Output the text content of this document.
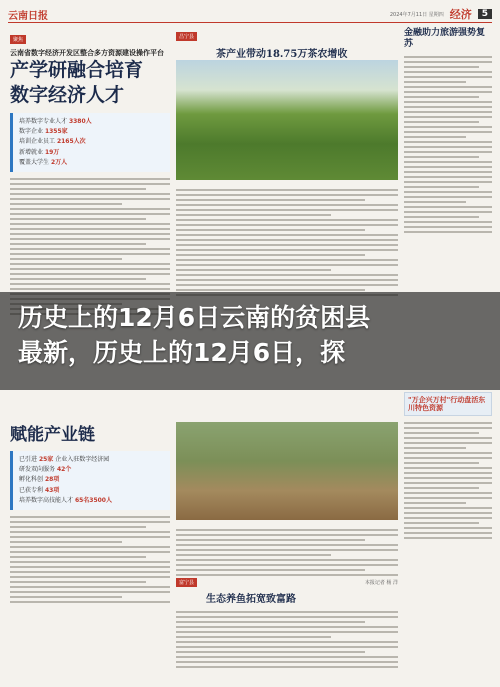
云南日报	2024年7月11日 星期四 经济	5
聚焦
云南省数字经济开发区整合多方资源建设操作平台
产学研融合培育
数字经济人才
培养数字专业人才 3380人
数字企业 1355家
培训企业员工 2165人次
新增就业 19万
覆盖大学生 2万人
赋能产业链
已引进 25家 企业入驻数字经济园
研发双向服务 42个
孵化科创 28项
已获专利 43项
培养数字高技能人才 65名3500人
昌宁县
茶产业带动18.75万茶农增收
本报记者 杨 洋
富宁县
生态养鱼拓宽致富路
金融助力旅游强势复苏
"万企兴万村"行动盘活东川特色资源
历史上的12月6日云南的贫困县
最新，历史上的12月6日，探
